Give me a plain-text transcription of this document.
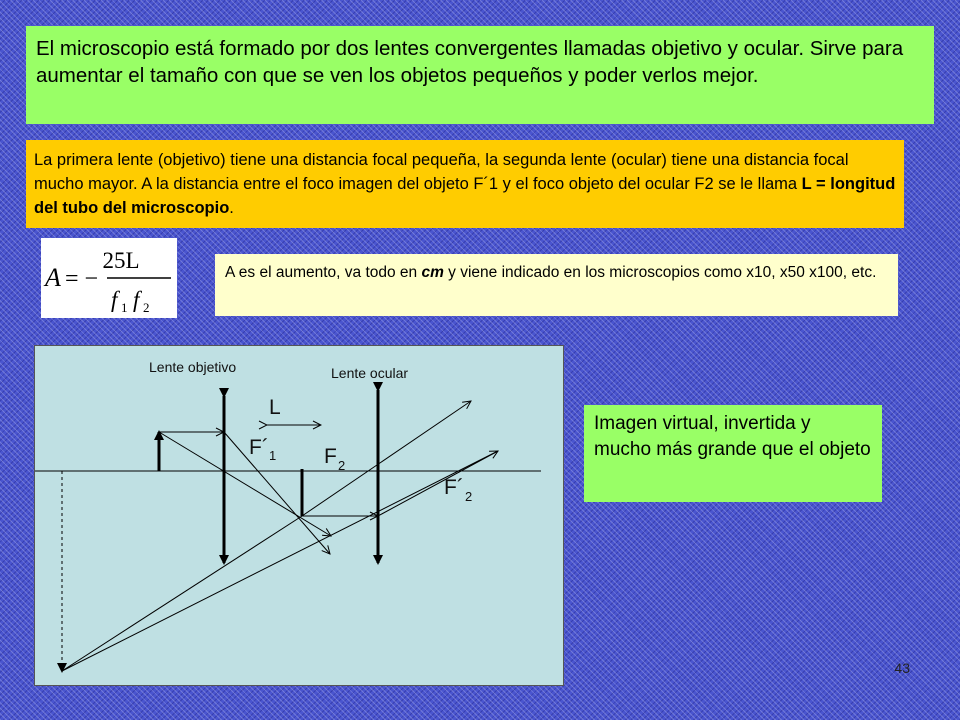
El microscopio está formado por dos lentes convergentes llamadas objetivo y ocular. Sirve para aumentar el tamaño con que se ven los objetos pequeños y poder verlos mejor.
La primera lente (objetivo) tiene una distancia focal pequeña, la segunda lente (ocular) tiene una distancia focal mucho mayor. A la distancia entre el foco imagen del objeto F´1 y el foco objeto del ocular F2 se le llama L = longitud del tubo del microscopio.
A = −
25L
f 1 f 2
A es el aumento, va todo en cm y viene indicado en los microscopios como x10, x50 x100, etc.
Lente objetivo	Lente ocular
L
F´ 1 F 2
F´ 2
Imagen virtual, invertida y mucho más grande que el objeto
43
